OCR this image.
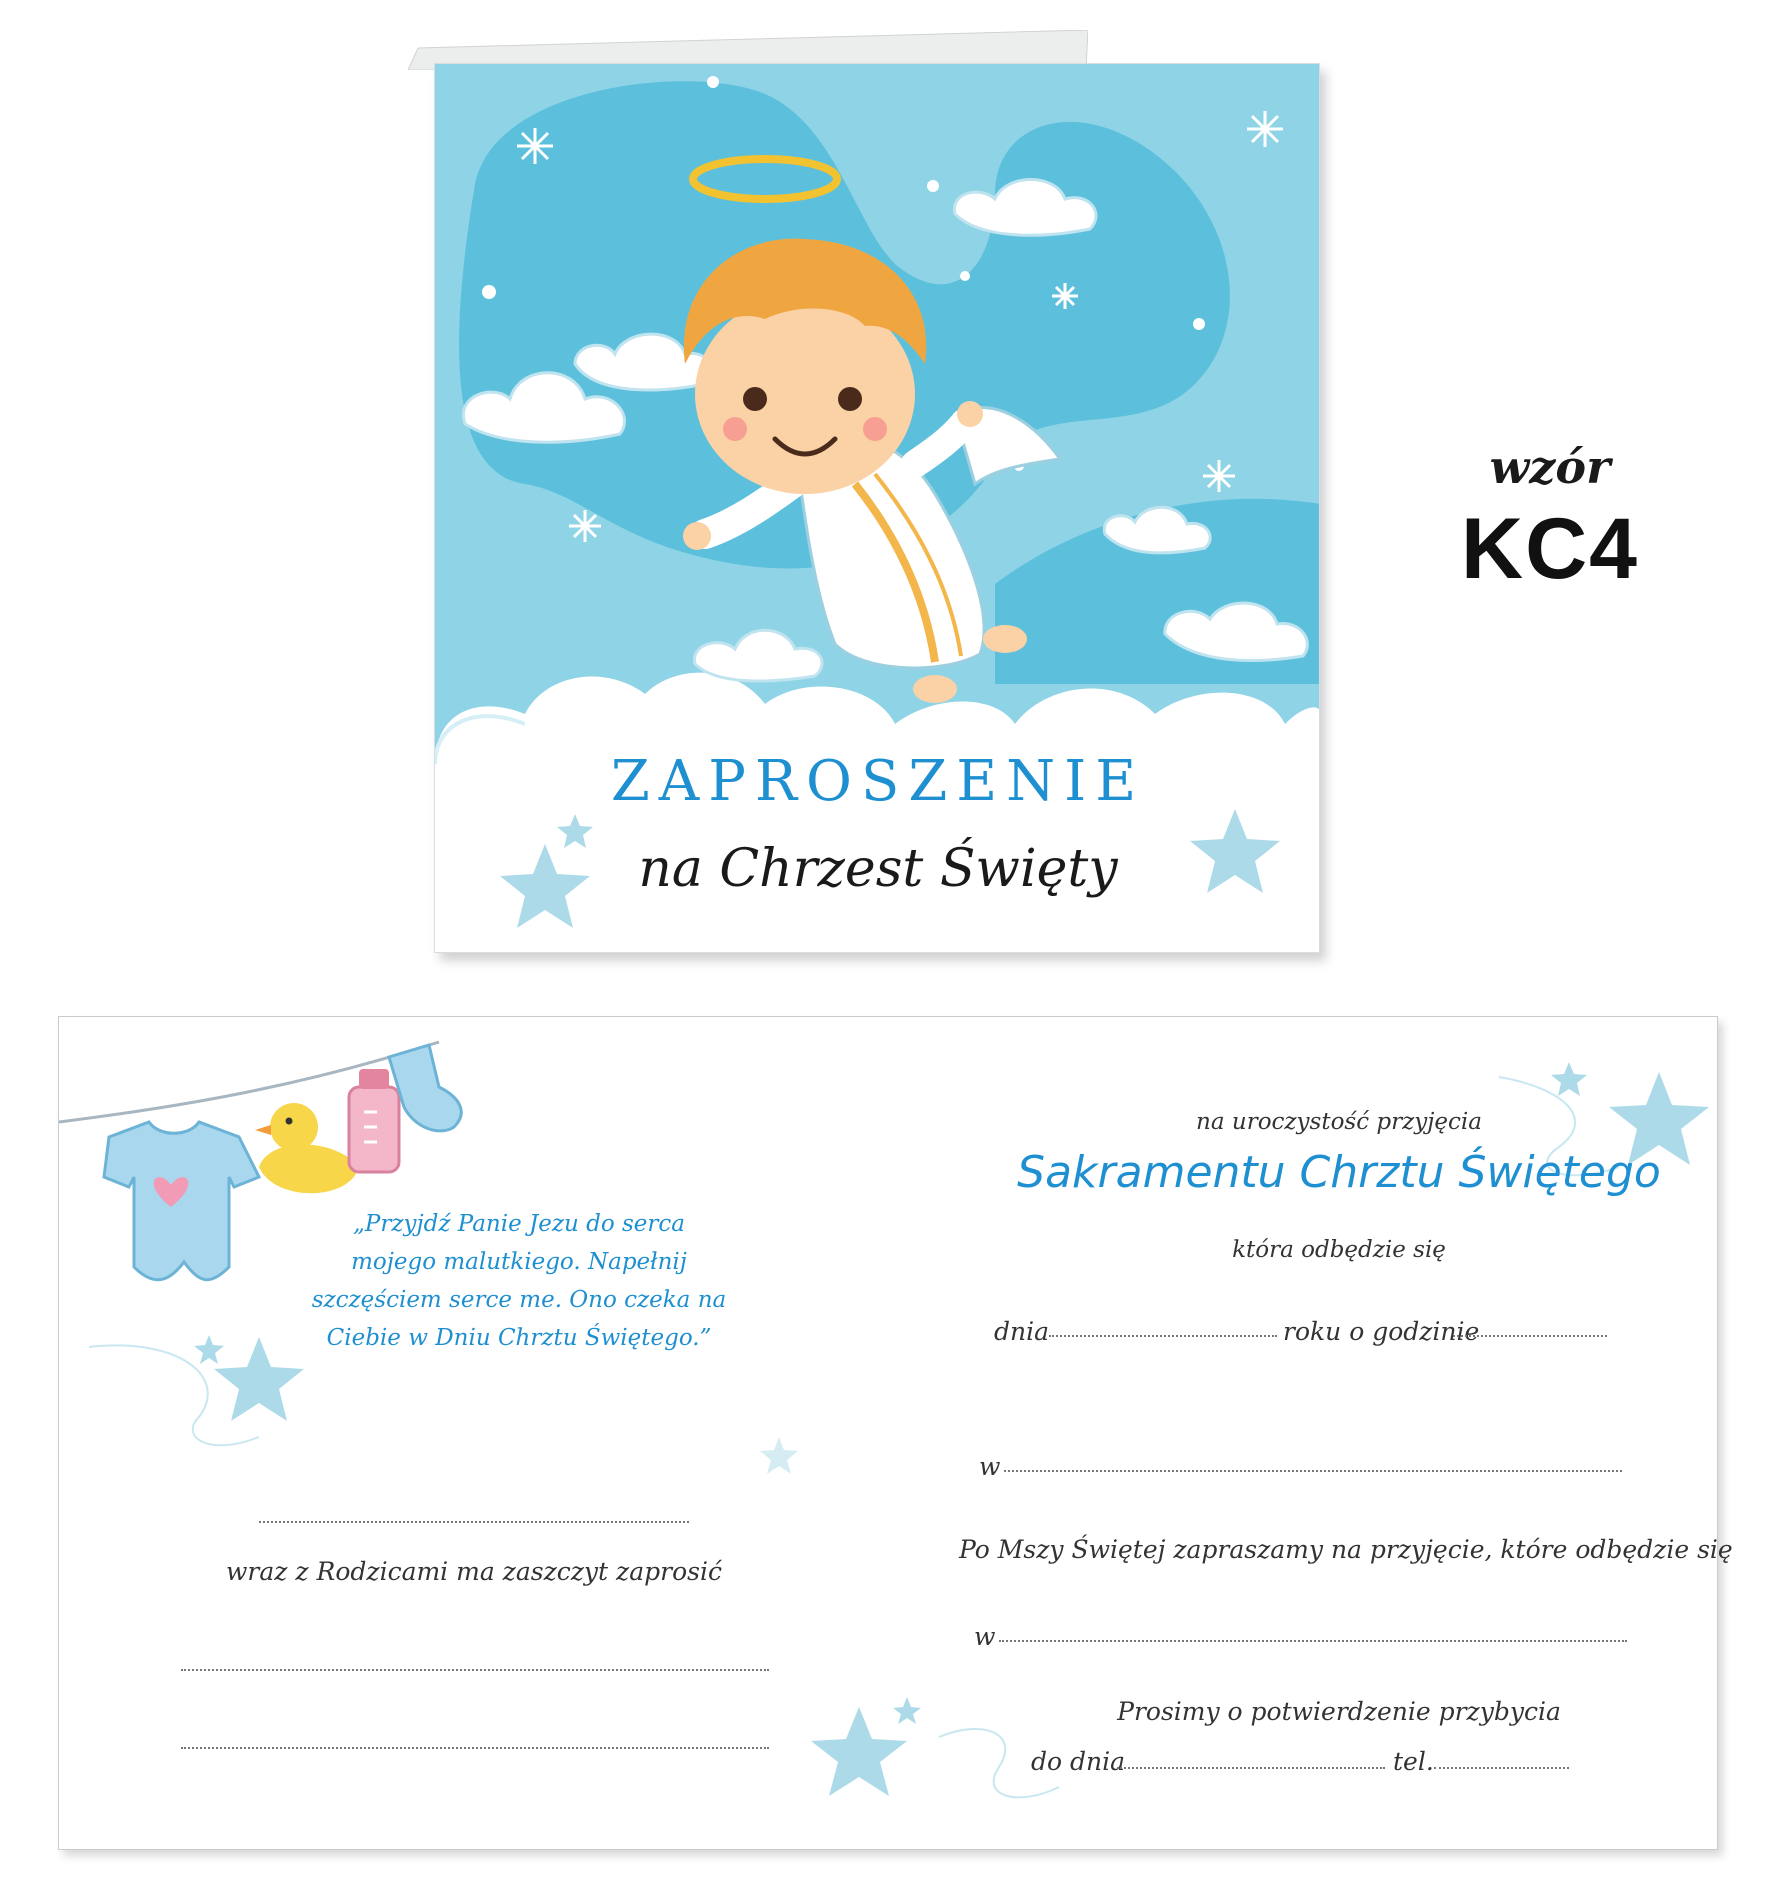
ZAPROSZENIE
na Chrzest Święty
wzór
KC4
„Przyjdź Panie Jezu do serca mojego malutkiego. Napełnij szczęściem serce me. Ono czeka na Ciebie w Dniu Chrztu Świętego.”
wraz z Rodzicami ma zaszczyt zaprosić
na uroczystość przyjęcia
Sakramentu Chrztu Świętego
która odbędzie się
dnia	roku o godzinie
w
Po Mszy Świętej zapraszamy na przyjęcie, które odbędzie się
w
Prosimy o potwierdzenie przybycia
do dnia	tel.
